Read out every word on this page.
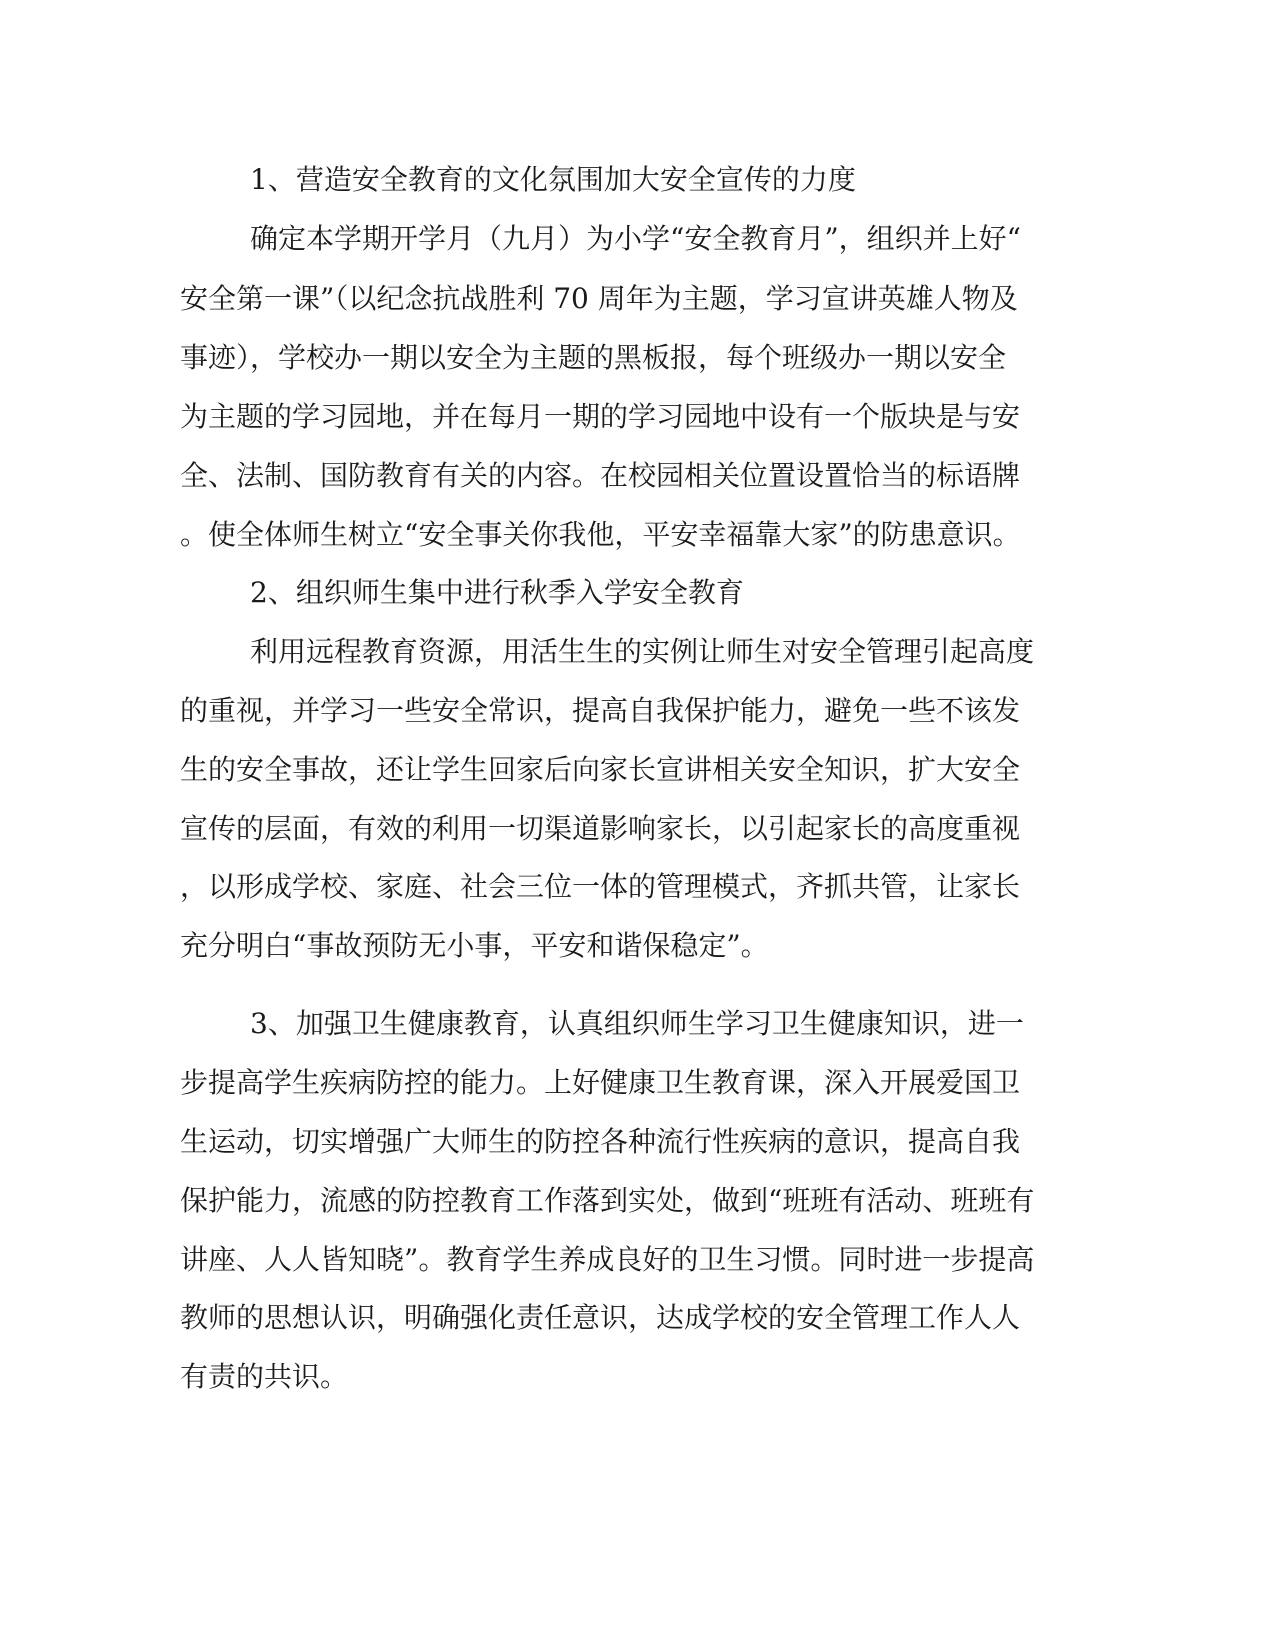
1、营造安全教育的文化氛围加大安全宣传的力度
确定本学期开学月（九月）为小学“安全教育月”，组织并上好“
安全第一课”（以纪念抗战胜利 70 周年为主题，学习宣讲英雄人物及
事迹），学校办一期以安全为主题的黑板报，每个班级办一期以安全
为主题的学习园地，并在每月一期的学习园地中设有一个版块是与安
全、法制、国防教育有关的内容。在校园相关位置设置恰当的标语牌
。使全体师生树立“安全事关你我他，平安幸福靠大家”的防患意识。
2、组织师生集中进行秋季入学安全教育
利用远程教育资源，用活生生的实例让师生对安全管理引起高度
的重视，并学习一些安全常识，提高自我保护能力，避免一些不该发
生的安全事故，还让学生回家后向家长宣讲相关安全知识，扩大安全
宣传的层面，有效的利用一切渠道影响家长，以引起家长的高度重视
，以形成学校、家庭、社会三位一体的管理模式，齐抓共管，让家长
充分明白“事故预防无小事，平安和谐保稳定”。
3、加强卫生健康教育，认真组织师生学习卫生健康知识，进一
步提高学生疾病防控的能力。上好健康卫生教育课，深入开展爱国卫
生运动，切实增强广大师生的防控各种流行性疾病的意识，提高自我
保护能力，流感的防控教育工作落到实处，做到“班班有活动、班班有
讲座、人人皆知晓”。教育学生养成良好的卫生习惯。同时进一步提高
教师的思想认识，明确强化责任意识，达成学校的安全管理工作人人
有责的共识。
